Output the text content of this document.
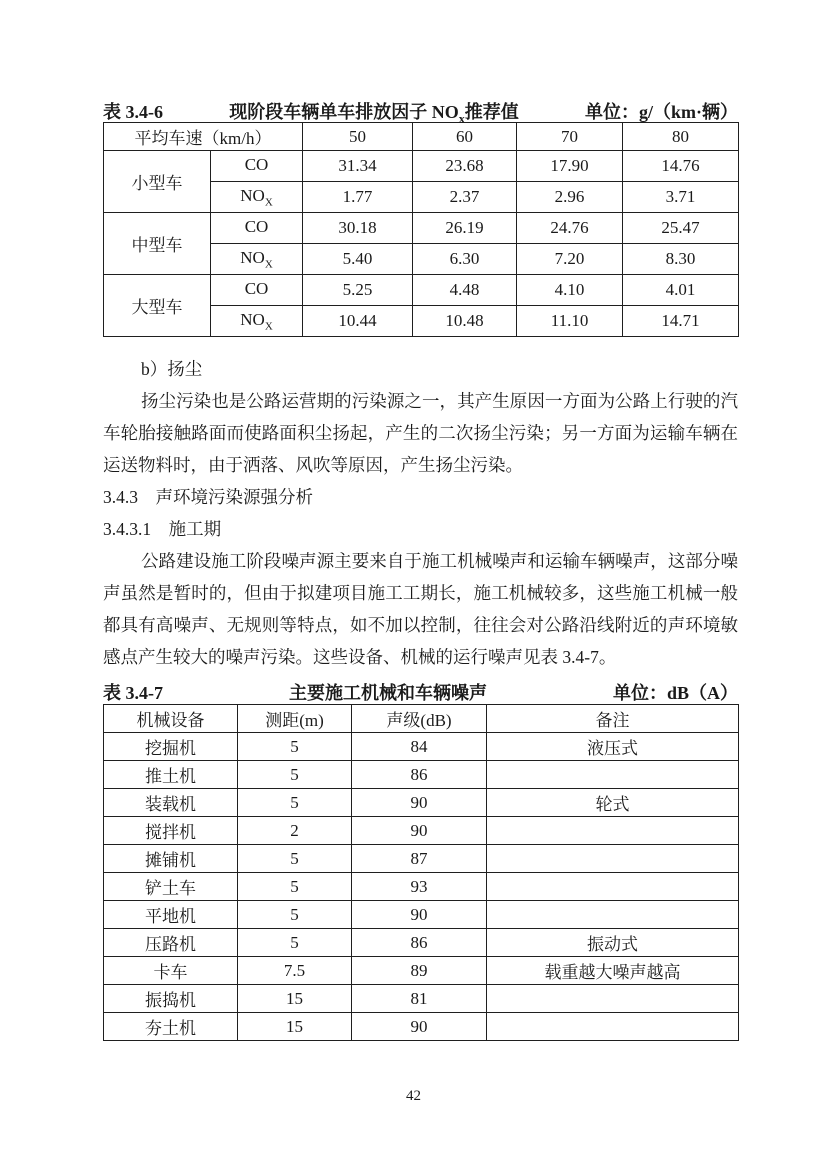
表 3.4-6	现阶段车辆单车排放因子 $NO_x$推荐值	单位：g/（km·辆）
平均车速（km/h）		50	60	70	80
小型车	CO	31.34	23.68	17.90	14.76
	$NO_X$	1.77	2.37	2.96	3.71
中型车	CO	30.18	26.19	24.76	25.47
	$NO_X$	5.40	6.30	7.20	8.30
大型车	CO	5.25	4.48	4.10	4.01
	$NO_X$	10.44	10.48	11.10	14.71

b）扬尘

扬尘污染也是公路运营期的污染源之一，其产生原因一方面为公路上行驶的汽车轮胎接触路面而使路面积尘扬起，产生的二次扬尘污染；另一方面为运输车辆在运送物料时，由于洒落、风吹等原因，产生扬尘污染。

3.4.3　声环境污染源强分析

3.4.3.1　施工期

公路建设施工阶段噪声源主要来自于施工机械噪声和运输车辆噪声，这部分噪声虽然是暂时的，但由于拟建项目施工工期长，施工机械较多，这些施工机械一般都具有高噪声、无规则等特点，如不加以控制，往往会对公路沿线附近的声环境敏感点产生较大的噪声污染。这些设备、机械的运行噪声见表 3.4-7。

表 3.4-7	主要施工机械和车辆噪声	单位：dB（A）
机械设备	测距(m)	声级(dB)	备注
挖掘机	5	84	液压式
推土机	5	86	
装载机	5	90	轮式
搅拌机	2	90	
摊铺机	5	87	
铲土车	5	93	
平地机	5	90	
压路机	5	86	振动式
卡车	7.5	89	载重越大噪声越高
振捣机	15	81	
夯土机	15	90	
42
